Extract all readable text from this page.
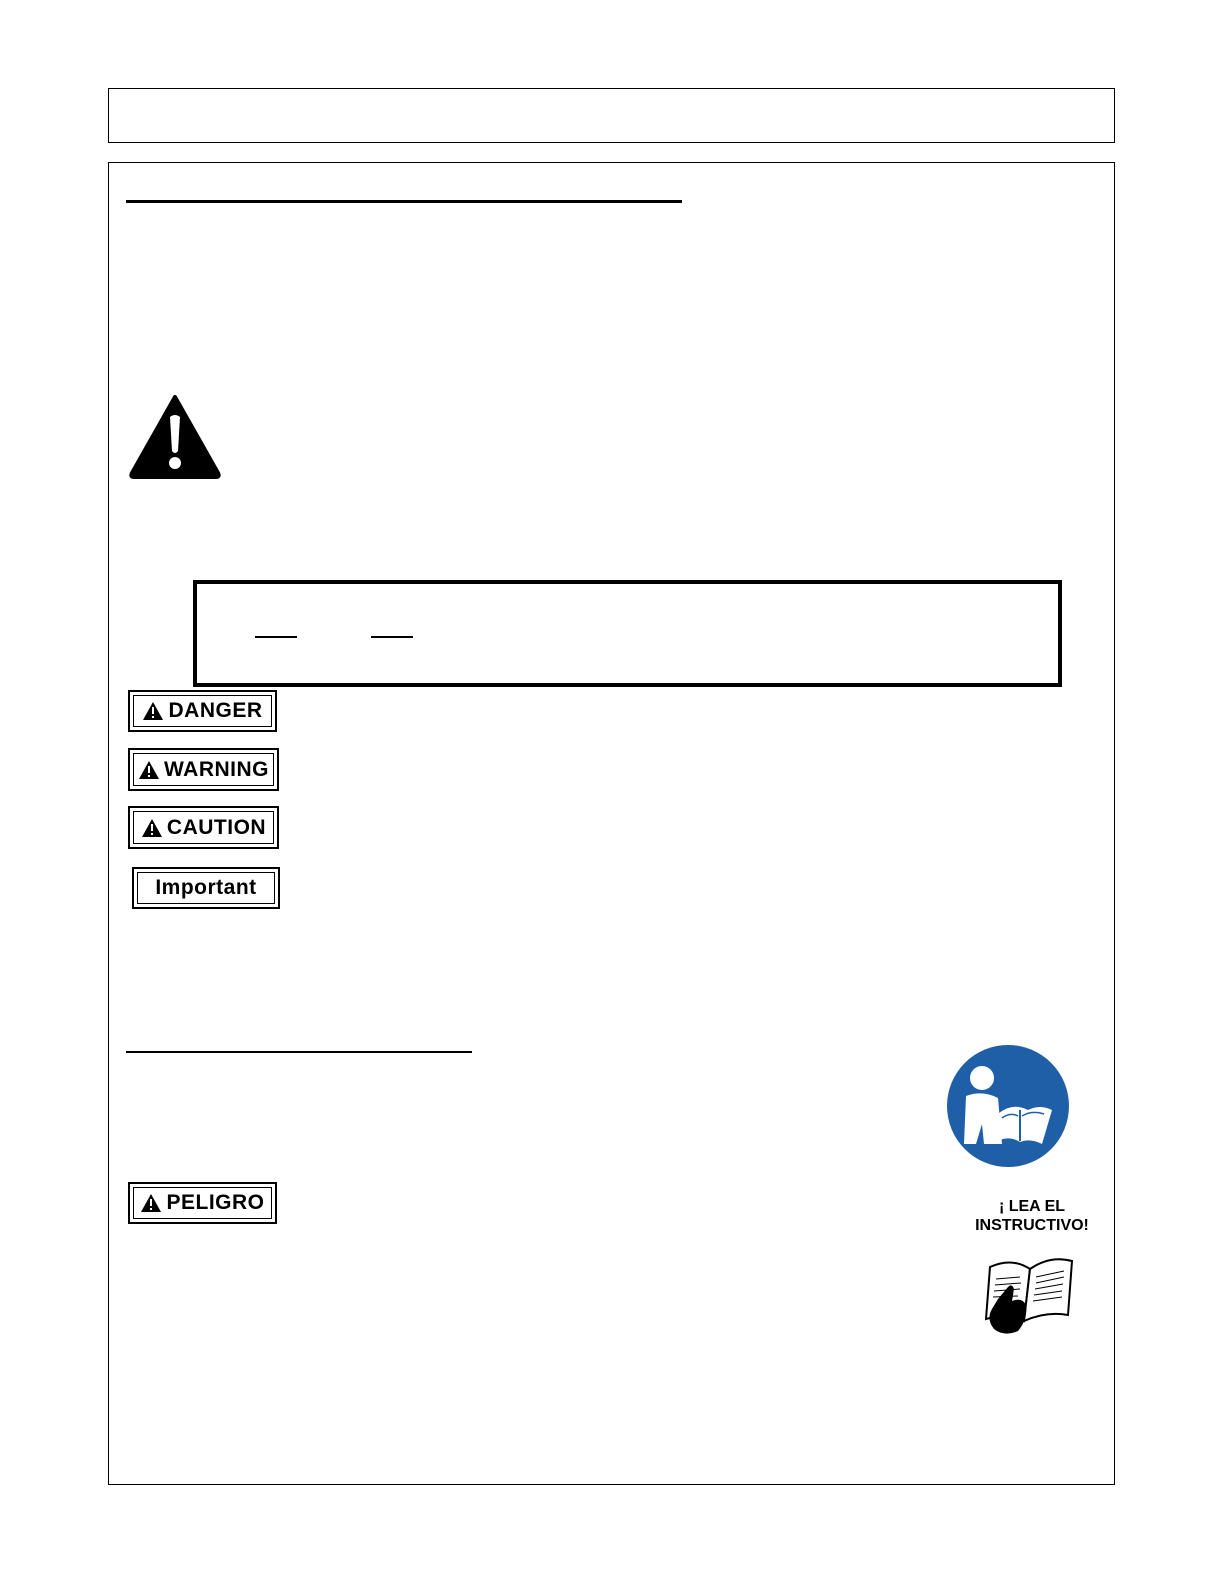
DANGER
WARNING
CAUTION
Important
PELIGRO	¡ LEA EL
INSTRUCTIVO!
